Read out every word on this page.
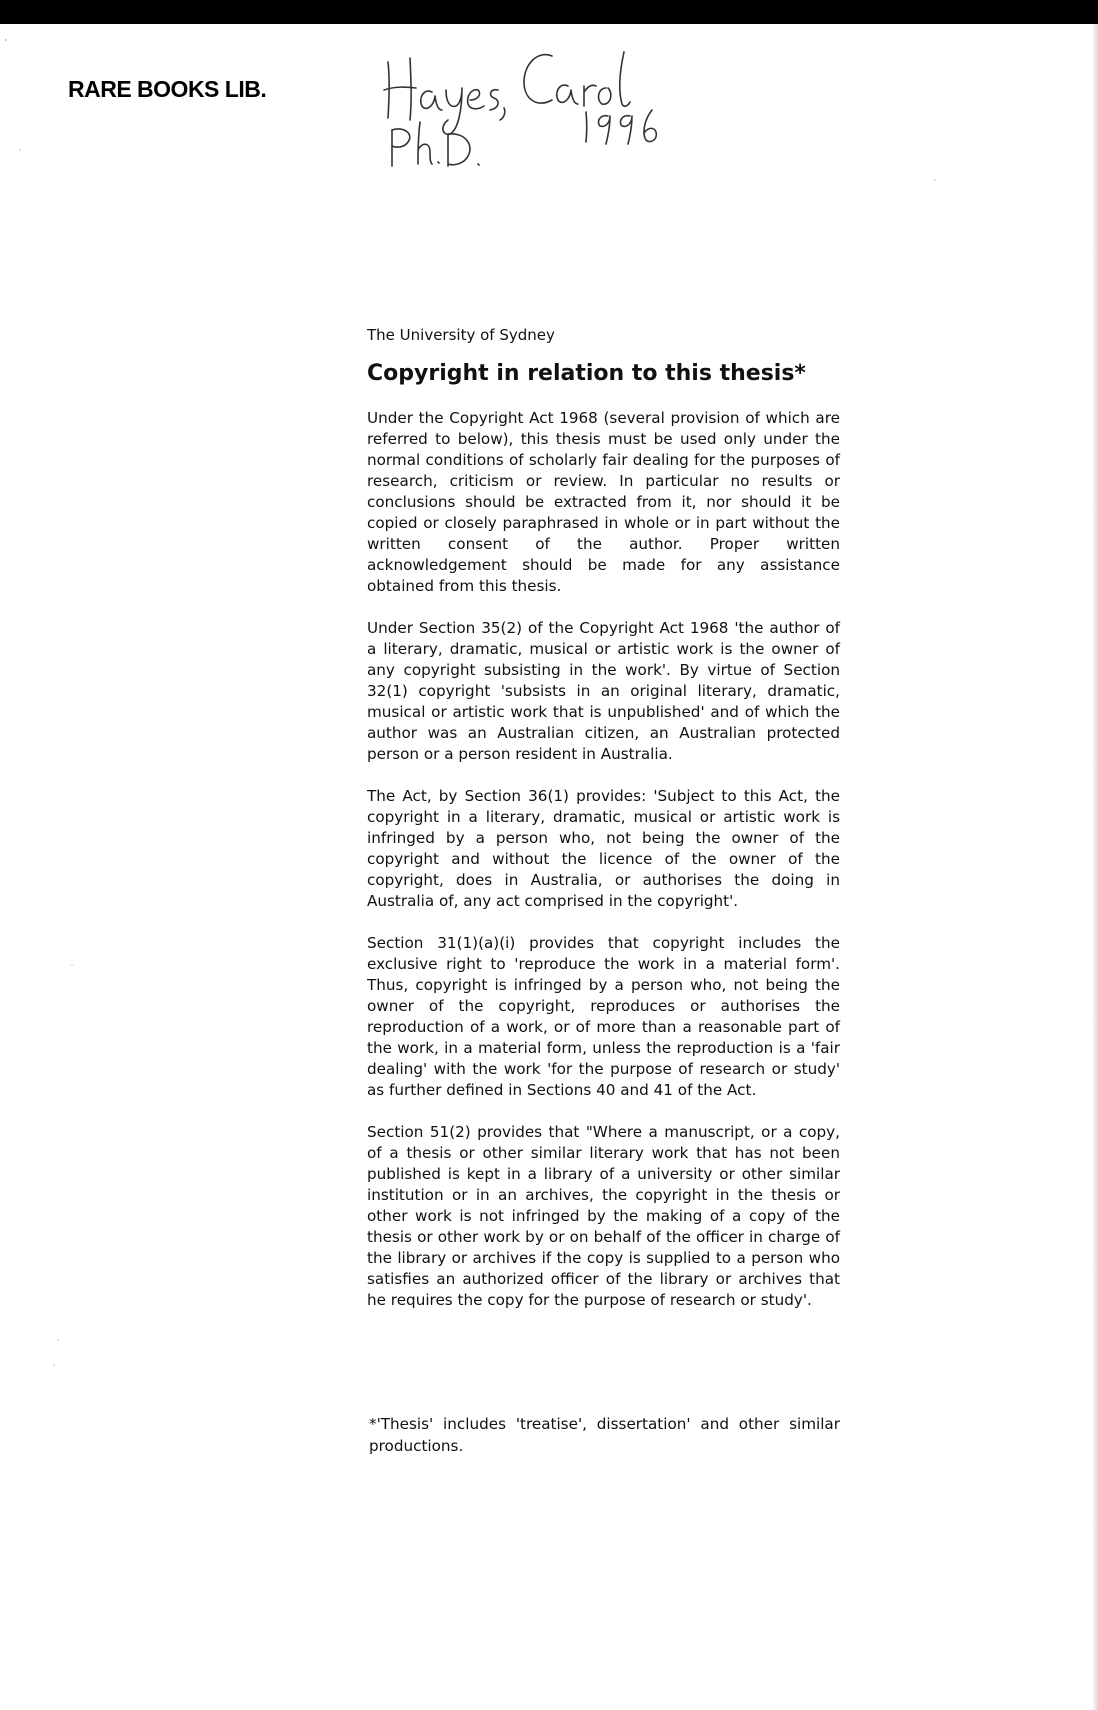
RARE BOOKS LIB.
The University of Sydney
Copyright in relation to this thesis*

Under the Copyright Act 1968 (several provision of which are referred to below), this thesis must be used only under the normal conditions of scholarly fair dealing for the purposes of research, criticism or review. In particular no results or conclusions should be extracted from it, nor should it be copied or closely paraphrased in whole or in part without the written consent of the author. Proper written acknowledgement should be made for any assistance obtained from this thesis.

Under Section 35(2) of the Copyright Act 1968 'the author of a literary, dramatic, musical or artistic work is the owner of any copyright subsisting in the work'. By virtue of Section 32(1) copyright 'subsists in an original literary, dramatic, musical or artistic work that is unpublished' and of which the author was an Australian citizen, an Australian protected person or a person resident in Australia.

The Act, by Section 36(1) provides: 'Subject to this Act, the copyright in a literary, dramatic, musical or artistic work is infringed by a person who, not being the owner of the copyright and without the licence of the owner of the copyright, does in Australia, or authorises the doing in Australia of, any act comprised in the copyright'.

Section 31(1)(a)(i) provides that copyright includes the exclusive right to 'reproduce the work in a material form'. Thus, copyright is infringed by a person who, not being the owner of the copyright, reproduces or authorises the reproduction of a work, or of more than a reasonable part of the work, in a material form, unless the reproduction is a 'fair dealing' with the work 'for the purpose of research or study' as further defined in Sections 40 and 41 of the Act.

Section 51(2) provides that "Where a manuscript, or a copy, of a thesis or other similar literary work that has not been published is kept in a library of a university or other similar institution or in an archives, the copyright in the thesis or other work is not infringed by the making of a copy of the thesis or other work by or on behalf of the officer in charge of the library or archives if the copy is supplied to a person who satisfies an authorized officer of the library or archives that he requires the copy for the purpose of research or study'.

*'Thesis' includes 'treatise', dissertation' and other similar productions.
